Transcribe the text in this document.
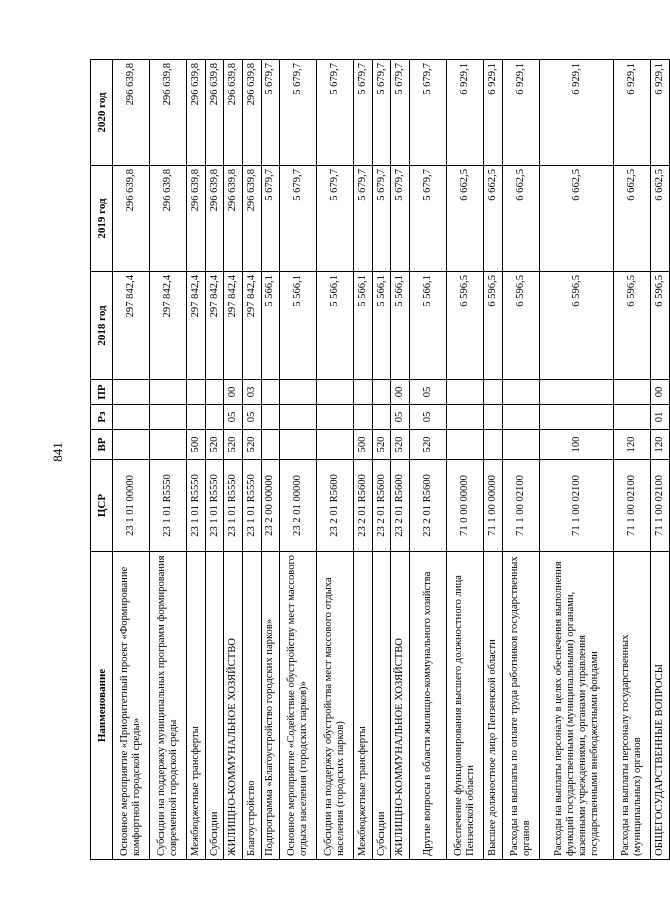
841
Наименование	ЦСР	ВР	Рз	ПР	2018 год	2019 год	2020 год
Основное мероприятие «Приоритетный проект «Формирование комфортной городской среды»	23 1 01 00000				297 842,4	296 639,8	296 639,8
Субсидии на поддержку муниципальных программ формирования современной городской среды	23 1 01 R5550				297 842,4	296 639,8	296 639,8
Межбюджетные трансферты	23 1 01 R5550	500			297 842,4	296 639,8	296 639,8
Субсидии	23 1 01 R5550	520			297 842,4	296 639,8	296 639,8
ЖИЛИЩНО-КОММУНАЛЬНОЕ ХОЗЯЙСТВО	23 1 01 R5550	520	05	00	297 842,4	296 639,8	296 639,8
Благоустройство	23 1 01 R5550	520	05	03	297 842,4	296 639,8	296 639,8
Подпрограмма «Благоустройство городских парков»	23 2 00 00000				5 566,1	5 679,7	5 679,7
Основное мероприятие «Содействие обустройству мест массового отдыха населения (городских парков)»	23 2 01 00000				5 566,1	5 679,7	5 679,7
Субсидии на поддержку обустройства мест массового отдыха населения (городских парков)	23 2 01 R5600				5 566,1	5 679,7	5 679,7
Межбюджетные трансферты	23 2 01 R5600	500			5 566,1	5 679,7	5 679,7
Субсидии	23 2 01 R5600	520			5 566,1	5 679,7	5 679,7
ЖИЛИЩНО-КОММУНАЛЬНОЕ ХОЗЯЙСТВО	23 2 01 R5600	520	05	00	5 566,1	5 679,7	5 679,7
Другие вопросы в области жилищно-коммунального хозяйства	23 2 01 R5600	520	05	05	5 566,1	5 679,7	5 679,7
Обеспечение функционирования высшего должностного лица Пензенской области	71 0 00 00000				6 596,5	6 662,5	6 929,1
Высшее должностное лицо Пензенской области	71 1 00 00000				6 596,5	6 662,5	6 929,1
Расходы на выплаты по оплате труда работников государственных органов	71 1 00 02100				6 596,5	6 662,5	6 929,1
Расходы на выплаты персоналу в целях обеспечения выполнения функций государственными (муниципальными) органами, казенными учреждениями, органами управления государственными внебюджетными фондами	71 1 00 02100	100			6 596,5	6 662,5	6 929,1
Расходы на выплаты персоналу государственных (муниципальных) органов	71 1 00 02100	120			6 596,5	6 662,5	6 929,1
ОБЩЕГОСУДАРСТВЕННЫЕ ВОПРОСЫ	71 1 00 02100	120	01	00	6 596,5	6 662,5	6 929,1
